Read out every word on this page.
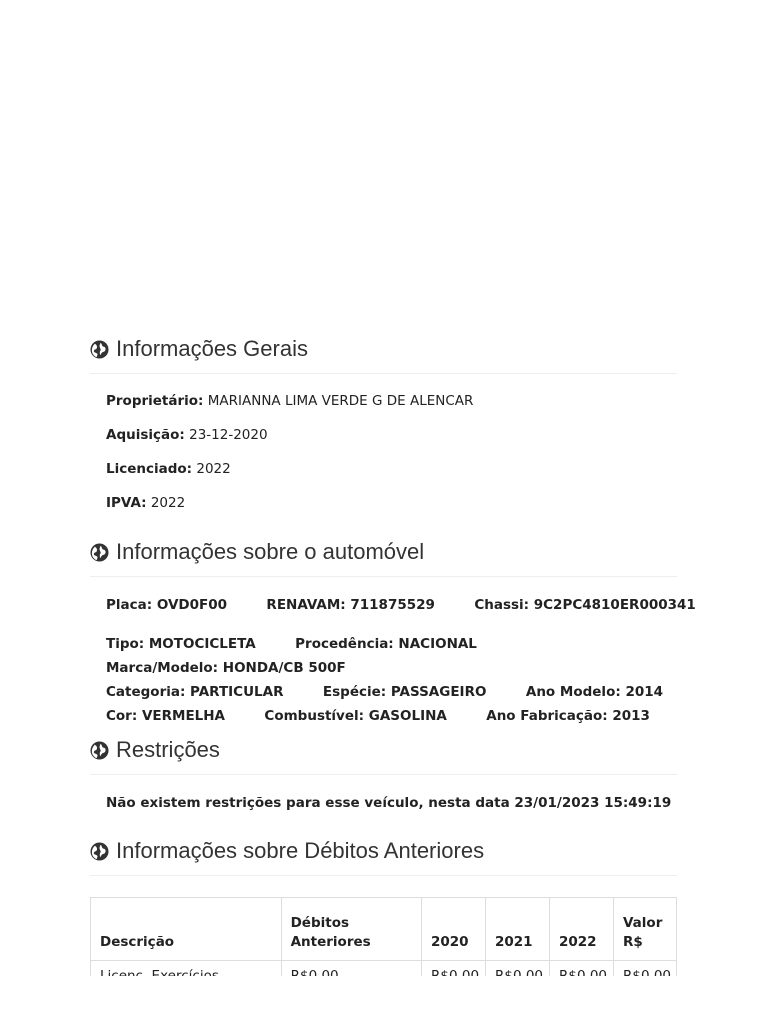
Informações Gerais
Proprietário: MARIANNA LIMA VERDE G DE ALENCAR
Aquisição: 23-12-2020
Licenciado: 2022
IPVA: 2022
Informações sobre o automóvel
Placa: OVD0F00	RENAVAM: 711875529	Chassi: 9C2PC4810ER000341
Tipo: MOTOCICLETA	Procedência: NACIONAL
Marca/Modelo: HONDA/CB 500F
Categoria: PARTICULAR	Espécie: PASSAGEIRO	Ano Modelo: 2014
Cor: VERMELHA	Combustível: GASOLINA	Ano Fabricação: 2013
Restrições
Não existem restrições para esse veículo, nesta data 23/01/2023 15:49:19
Informações sobre Débitos Anteriores
Descrição	Débitos Anteriores	2020	2021	2022	Valor R$
